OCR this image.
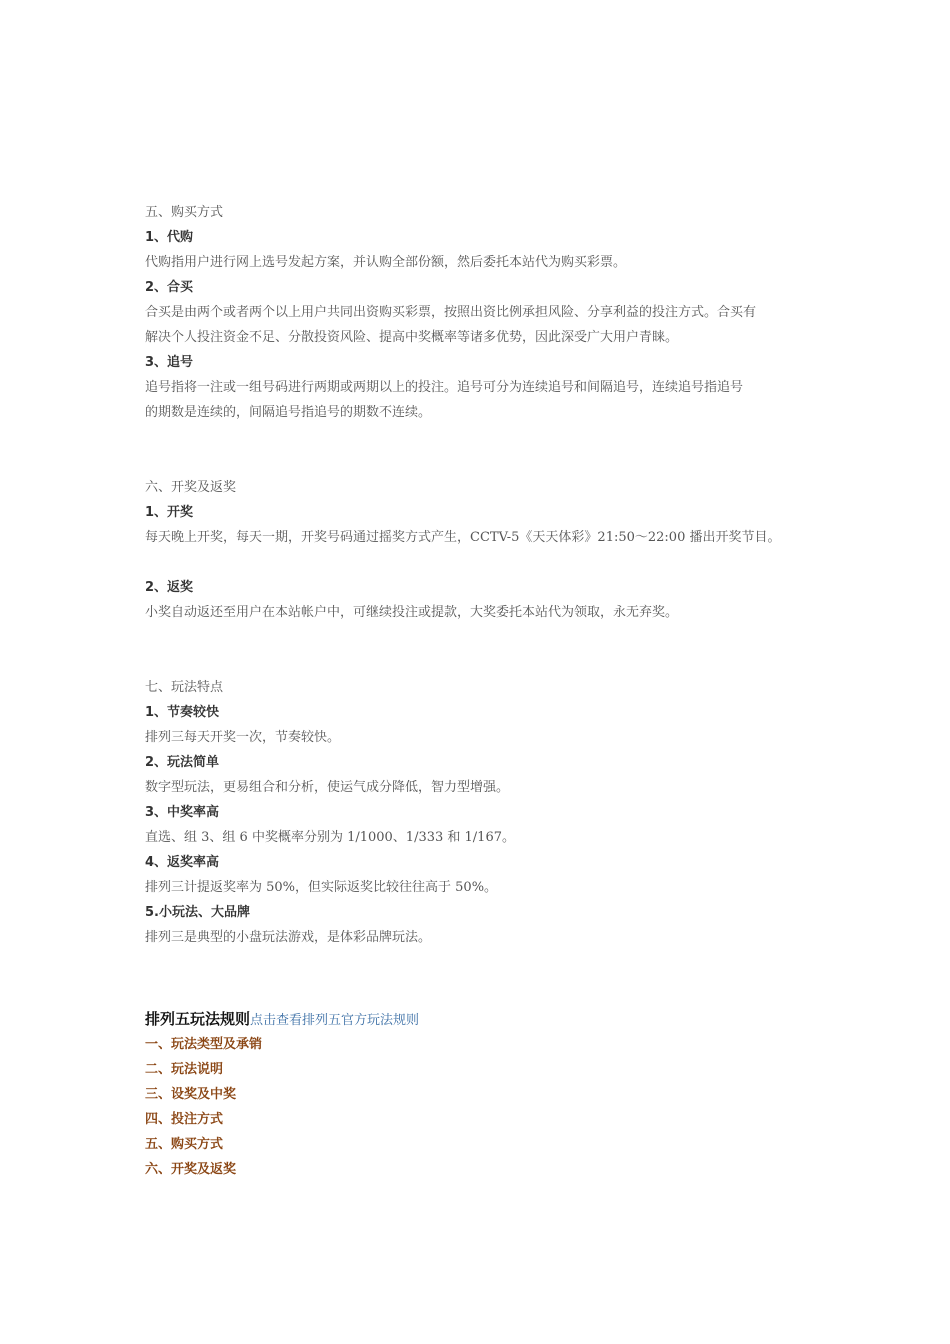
五、购买方式
1、代购
代购指用户进行网上选号发起方案，并认购全部份额，然后委托本站代为购买彩票。
2、合买
合买是由两个或者两个以上用户共同出资购买彩票，按照出资比例承担风险、分享利益的投注方式。合买有
解决个人投注资金不足、分散投资风险、提高中奖概率等诸多优势，因此深受广大用户青睐。
3、追号
追号指将一注或一组号码进行两期或两期以上的投注。追号可分为连续追号和间隔追号，连续追号指追号
的期数是连续的，间隔追号指追号的期数不连续。
六、开奖及返奖
1、开奖
每天晚上开奖，每天一期，开奖号码通过摇奖方式产生，CCTV-5《天天体彩》21:50～22:00 播出开奖节目。
2、返奖
小奖自动返还至用户在本站帐户中，可继续投注或提款，大奖委托本站代为领取，永无弃奖。
七、玩法特点
1、节奏较快
排列三每天开奖一次，节奏较快。
2、玩法简单
数字型玩法，更易组合和分析，使运气成分降低，智力型增强。
3、中奖率高
直选、组 3、组 6 中奖概率分别为 1/1000、1/333 和 1/167。
4、返奖率高
排列三计提返奖率为 50%，但实际返奖比较往往高于 50%。
5.小玩法、大品牌
排列三是典型的小盘玩法游戏，是体彩品牌玩法。
排列五玩法规则点击查看排列五官方玩法规则
一、玩法类型及承销
二、玩法说明
三、设奖及中奖
四、投注方式
五、购买方式
六、开奖及返奖
